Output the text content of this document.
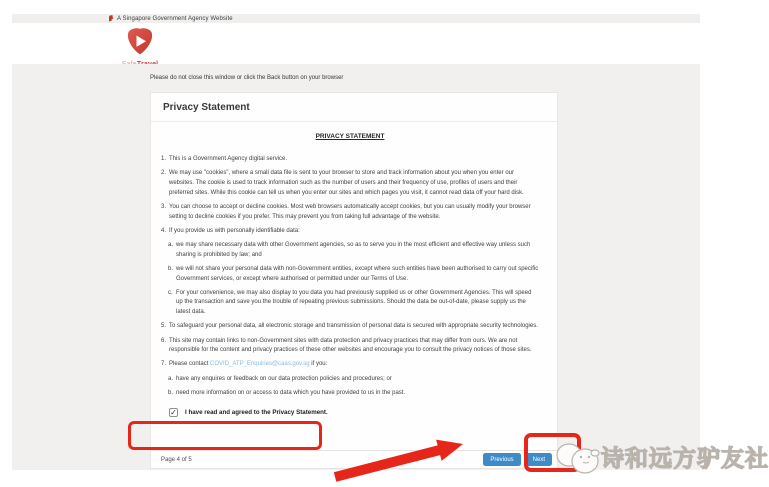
A Singapore Government Agency Website
Please do not close this window or click the Back button on your browser
Privacy Statement
PRIVACY STATEMENT
1. This is a Government Agency digital service.
2. We may use "cookies", where a small data file is sent to your browser to store and track information about you when you enter our websites. The cookie is used to track information such as the number of users and their frequency of use, profiles of users and their preferred sites. While this cookie can tell us when you enter our sites and which pages you visit, it cannot read data off your hard disk.
3. You can choose to accept or decline cookies. Most web browsers automatically accept cookies, but you can usually modify your browser setting to decline cookies if you prefer. This may prevent you from taking full advantage of the website.
4. If you provide us with personally identifiable data:
a. we may share necessary data with other Government agencies, so as to serve you in the most efficient and effective way unless such sharing is prohibited by law; and
b. we will not share your personal data with non-Government entities, except where such entities have been authorised to carry out specific Government services, or except where authorised or permitted under our Terms of Use.
c. For your convenience, we may also display to you data you had previously supplied us or other Government Agencies. This will speed up the transaction and save you the trouble of repeating previous submissions. Should the data be out-of-date, please supply us the latest data.
5. To safeguard your personal data, all electronic storage and transmission of personal data is secured with appropriate security technologies.
6. This site may contain links to non-Government sites with data protection and privacy practices that may differ from ours. We are not responsible for the content and privacy practices of these other websites and encourage you to consult the privacy notices of those sites.
7. Please contact COVID_ATP_Enquiries@caas.gov.sg if you:
a. have any enquires or feedback on our data protection policies and procedures; or
b. need more information on or access to data which you have provided to us in the past.
✓ I have read and agreed to the Privacy Statement.
Page 4 of 5	Previous	Next	诗和远方驴友社
